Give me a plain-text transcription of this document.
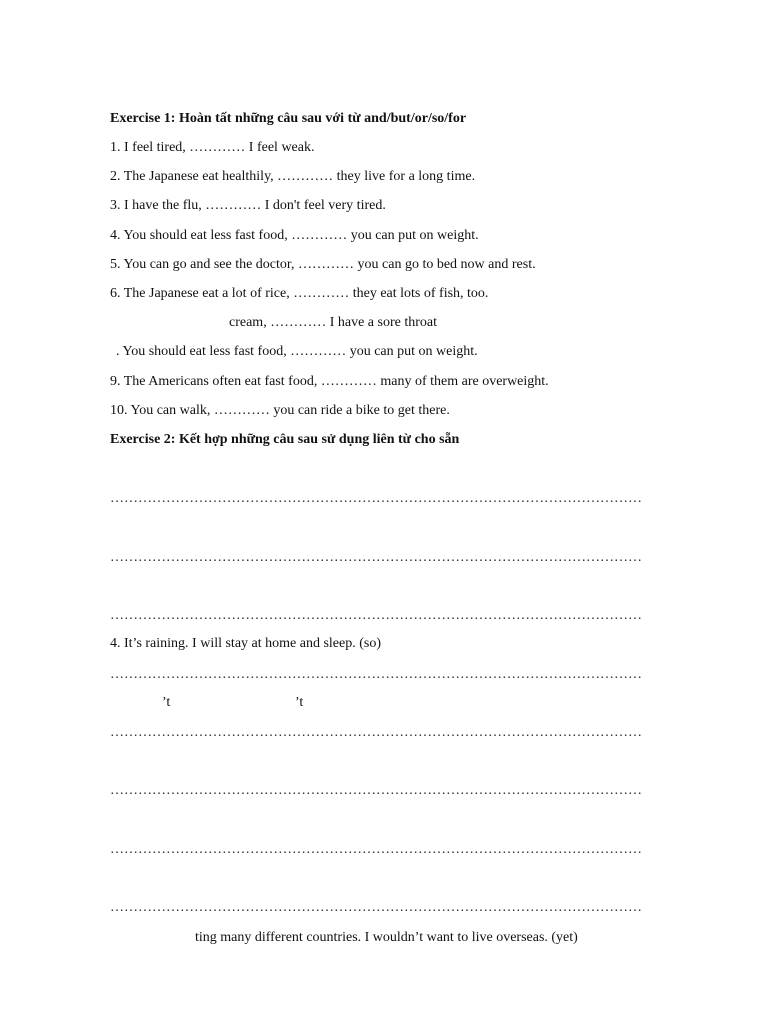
Exercise 1: Hoàn tất những câu sau với từ and/but/or/so/for
1. I feel tired, ………… I feel weak.
2. The Japanese eat healthily, ………… they live for a long time.
3. I have the flu, ………… I don't feel very tired.
4. You should eat less fast food, ………… you can put on weight.
5. You can go and see the doctor, ………… you can go to bed now and rest.
6. The Japanese eat a lot of rice, ………… they eat lots of fish, too.
cream, ………… I have a sore throat
. You should eat less fast food, ………… you can put on weight.
9. The Americans often eat fast food, ………… many of them are overweight.
10. You can walk, ………… you can ride a bike to get there.
Exercise 2: Kết hợp những câu sau sử dụng liên từ cho sẵn
……………………………………………………………………………………………………
……………………………………………………………………………………………………
……………………………………………………………………………………………………
4. It’s raining. I will stay at home and sleep. (so)
……………………………………………………………………………………………………
’t	’t
……………………………………………………………………………………………………
……………………………………………………………………………………………………
……………………………………………………………………………………………………
……………………………………………………………………………………………………
ting many different countries. I wouldn’t want to live overseas. (yet)
